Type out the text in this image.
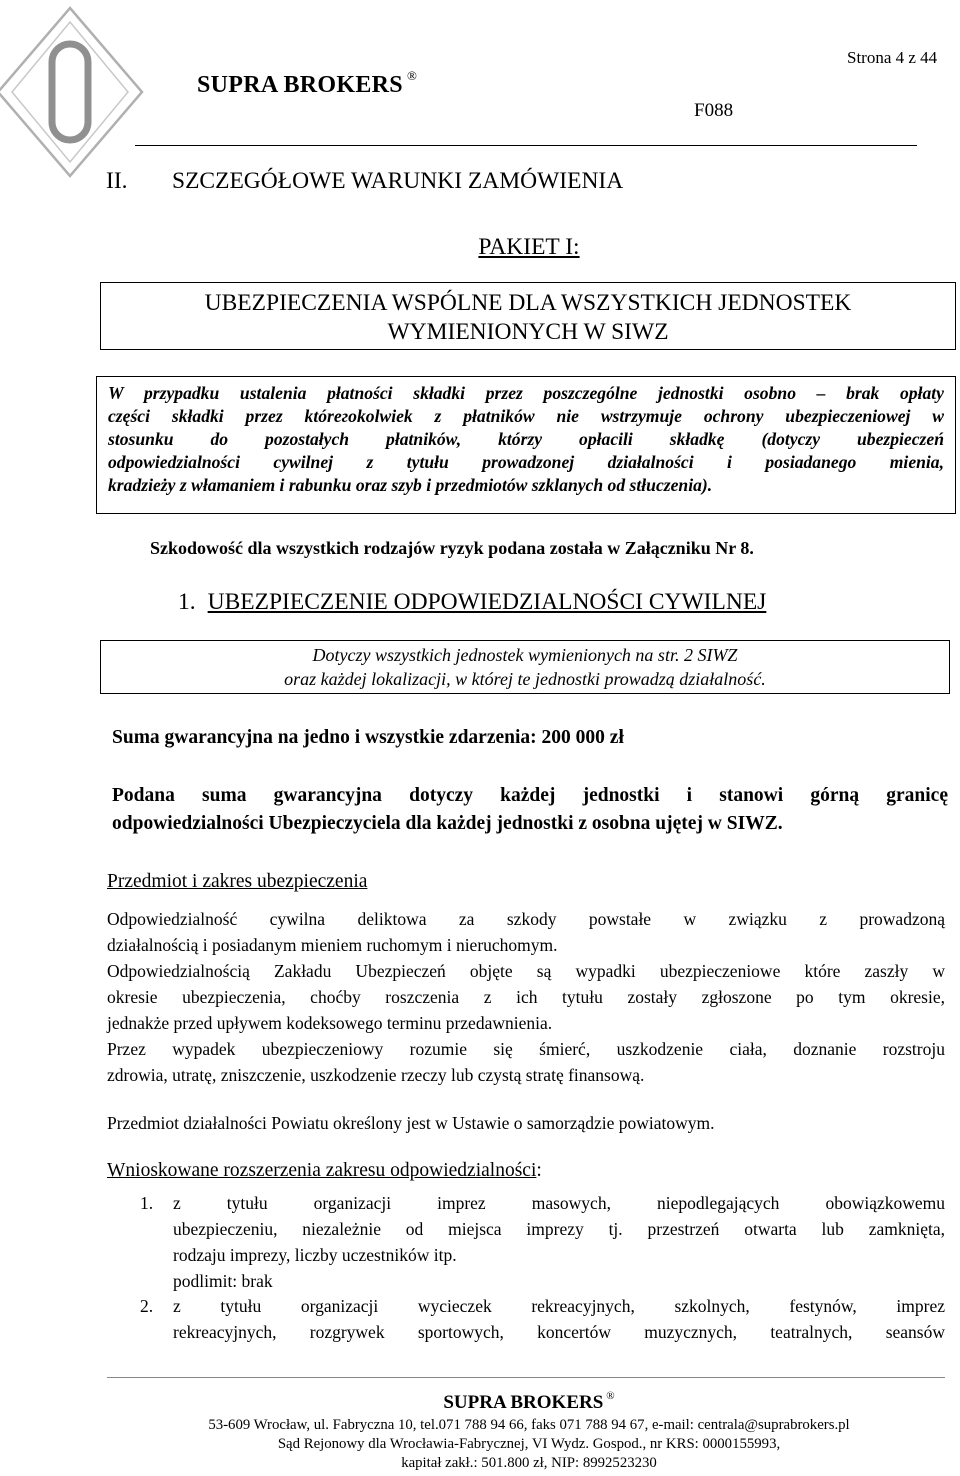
SUPRA BROKERS ®
F088
Strona 4 z 44
II. SZCZEGÓŁOWE WARUNKI ZAMÓWIENIA
PAKIET I:
UBEZPIECZENIA WSPÓLNE DLA WSZYSTKICH JEDNOSTEK
WYMIENIONYCH W SIWZ
W przypadku ustalenia płatności składki przez poszczególne jednostki osobno – brak opłaty
części składki przez którегokolwiek z płatników nie wstrzymuje ochrony ubezpieczeniowej w
stosunku do pozostałych płatników, którzy opłacili składkę (dotyczy ubezpieczeń
odpowiedzialności cywilnej z tytułu prowadzonej działalności i posiadanego mienia,
kradzieży z włamaniem i rabunku oraz szyb i przedmiotów szklanych od stłuczenia).
Szkodowość dla wszystkich rodzajów ryzyk podana została w Załączniku Nr 8.
1. UBEZPIECZENIE ODPOWIEDZIALNOŚCI CYWILNEJ
Dotyczy wszystkich jednostek wymienionych na str. 2 SIWZ
oraz każdej lokalizacji, w której te jednostki prowadzą działalność.
Suma gwarancyjna na jedno i wszystkie zdarzenia: 200 000 zł
Podana suma gwarancyjna dotyczy każdej jednostki i stanowi górną granicę
odpowiedzialności Ubezpieczyciela dla każdej jednostki z osobna ujętej w SIWZ.
Przedmiot i zakres ubezpieczenia
Odpowiedzialność cywilna deliktowa za szkody powstałe w związku z prowadzoną
działalnością i posiadanym mieniem ruchomym i nieruchomym.
Odpowiedzialnością Zakładu Ubezpieczeń objęte są wypadki ubezpieczeniowe które zaszły w
okresie ubezpieczenia, choćby roszczenia z ich tytułu zostały zgłoszone po tym okresie,
jednakże przed upływem kodeksowego terminu przedawnienia.
Przez wypadek ubezpieczeniowy rozumie się śmierć, uszkodzenie ciała, doznanie rozstroju
zdrowia, utratę, zniszczenie, uszkodzenie rzeczy lub czystą stratę finansową.
Przedmiot działalności Powiatu określony jest w Ustawie o samorządzie powiatowym.
Wnioskowane rozszerzenia zakresu odpowiedzialności:
1. z tytułu organizacji imprez masowych, niepodlegających obowiązkowemu
ubezpieczeniu, niezależnie od miejsca imprezy tj. przestrzeń otwarta lub zamknięta,
rodzaju imprezy, liczby uczestników itp.
podlimit: brak
2. z tytułu organizacji wycieczek rekreacyjnych, szkolnych, festynów, imprez
rekreacyjnych, rozgrywek sportowych, koncertów muzycznych, teatralnych, seansów
SUPRA BROKERS ®
53-609 Wrocław, ul. Fabryczna 10, tel.071 788 94 66, faks 071 788 94 67, e-mail: centrala@suprabrokers.pl
Sąd Rejonowy dla Wrocławia-Fabrycznej, VI Wydz. Gospod., nr KRS: 0000155993,
kapitał zakł.: 501.800 zł, NIP: 8992523230
